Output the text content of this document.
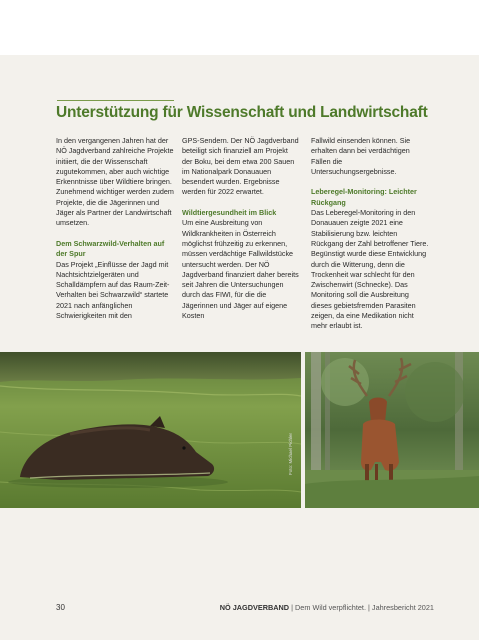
Unterstützung für Wissenschaft und Landwirtschaft

In den vergangenen Jahren hat der NÖ Jagdverband zahlreiche Projekte initiiert, die der Wissenschaft zugutekommen, aber auch wichtige Erkenntnisse über Wildtiere bringen. Zunehmend wichtiger werden zudem Projekte, die die Jägerinnen und Jäger als Partner der Landwirtschaft umsetzen.

Dem Schwarzwild-Verhalten auf der Spur

Das Projekt „Einflüsse der Jagd mit Nachtsichtzielgeräten und Schalldämpfern auf das Raum-Zeit-Verhalten bei Schwarzwild“ startete 2021 nach anfänglichen Schwierigkeiten mit den

GPS-Sendern. Der NÖ Jagdverband beteiligt sich finanziell am Projekt der Boku, bei dem etwa 200 Sauen im Nationalpark Donauauen besendert wurden. Ergebnisse werden für 2022 erwartet.

Wildtiergesundheit im Blick

Um eine Ausbreitung von Wildkrankheiten in Österreich möglichst frühzeitig zu erkennen, müssen verdächtige Fallwildstücke untersucht werden. Der NÖ Jagdverband finanziert daher bereits seit Jahren die Untersuchungen durch das FIWI, für die die Jägerinnen und Jäger auf eigene Kosten

Fallwild einsenden können. Sie erhalten dann bei verdächtigen Fällen die Untersuchungsergebnisse.

Leberegel-Monitoring: Leichter Rückgang

Das Leberegel-Monitoring in den Donauauen zeigte 2021 eine Stabilisierung bzw. leichten Rückgang der Zahl betroffener Tiere. Begünstigt wurde diese Entwicklung durch die Witterung, denn die Trockenheit war schlecht für den Zwischenwirt (Schnecke). Das Monitoring soll die Ausbreitung dieses gebietsfremden Parasiten zeigen, da eine Medikation nicht mehr erlaubt ist.

Foto: Michael Pichler
30	NÖ JAGDVERBAND | Dem Wild verpflichtet. | Jahresbericht 2021
